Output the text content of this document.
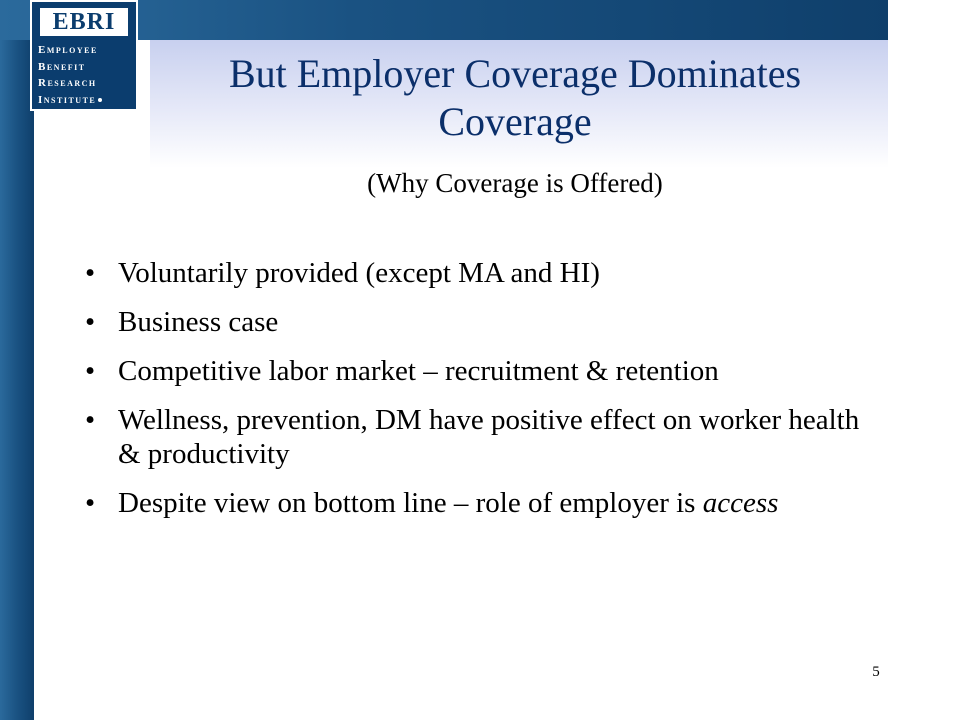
EBRI
Employee
Benefit
Research
Institute
But Employer Coverage Dominates Coverage

(Why Coverage is Offered)

• Voluntarily provided (except MA and HI)
• Business case
• Competitive labor market – recruitment & retention
• Wellness, prevention, DM have positive effect on worker health & productivity
• Despite view on bottom line – role of employer is access
5
